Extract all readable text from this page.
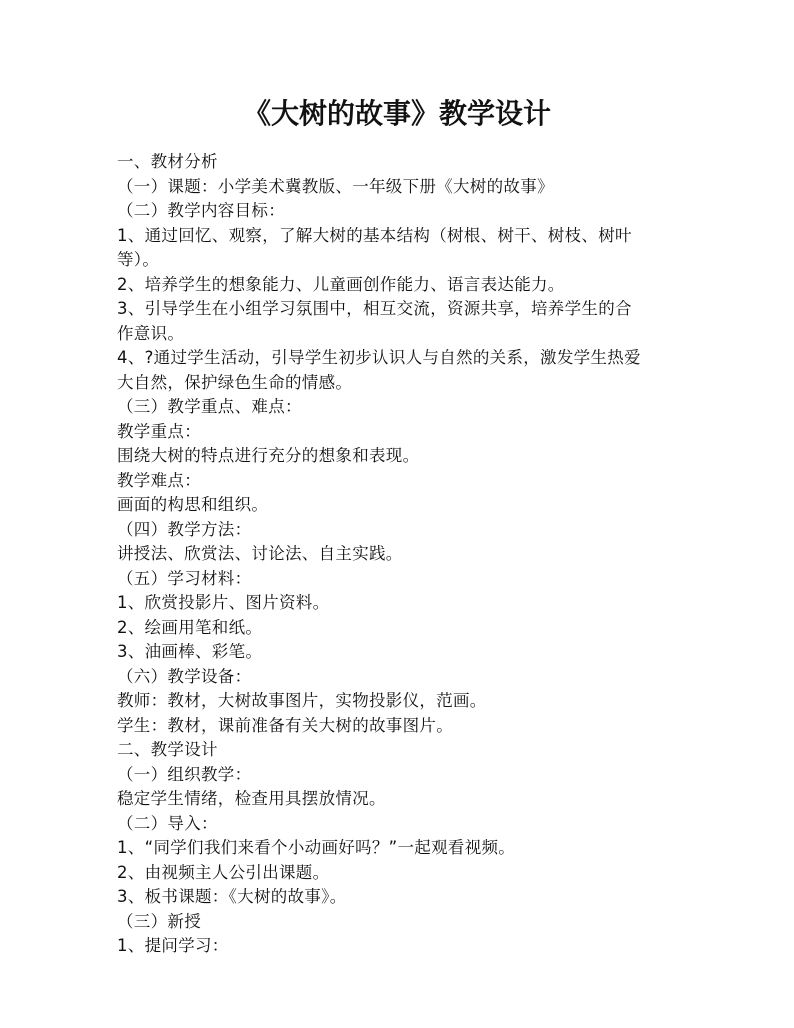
《大树的故事》教学设计

一、教材分析

（一）课题：小学美术冀教版、一年级下册《大树的故事》

（二）教学内容目标：

1、通过回忆、观察，了解大树的基本结构（树根、树干、树枝、树叶

等）。

2、培养学生的想象能力、儿童画创作能力、语言表达能力。

3、引导学生在小组学习氛围中，相互交流，资源共享，培养学生的合

作意识。

4、?通过学生活动，引导学生初步认识人与自然的关系，激发学生热爱

大自然，保护绿色生命的情感。

（三）教学重点、难点：

教学重点：

围绕大树的特点进行充分的想象和表现。

教学难点：

画面的构思和组织。

（四）教学方法：

讲授法、欣赏法、讨论法、自主实践。

（五）学习材料：

1、欣赏投影片、图片资料。

2、绘画用笔和纸。

3、油画棒、彩笔。

（六）教学设备：

教师：教材，大树故事图片，实物投影仪，范画。

学生：教材，课前准备有关大树的故事图片。

二、教学设计

（一）组织教学：

稳定学生情绪，检查用具摆放情况。

（二）导入：

1、“同学们我们来看个小动画好吗？”一起观看视频。

2、由视频主人公引出课题。

3、板书课题：《大树的故事》。

（三）新授

1、提问学习：
